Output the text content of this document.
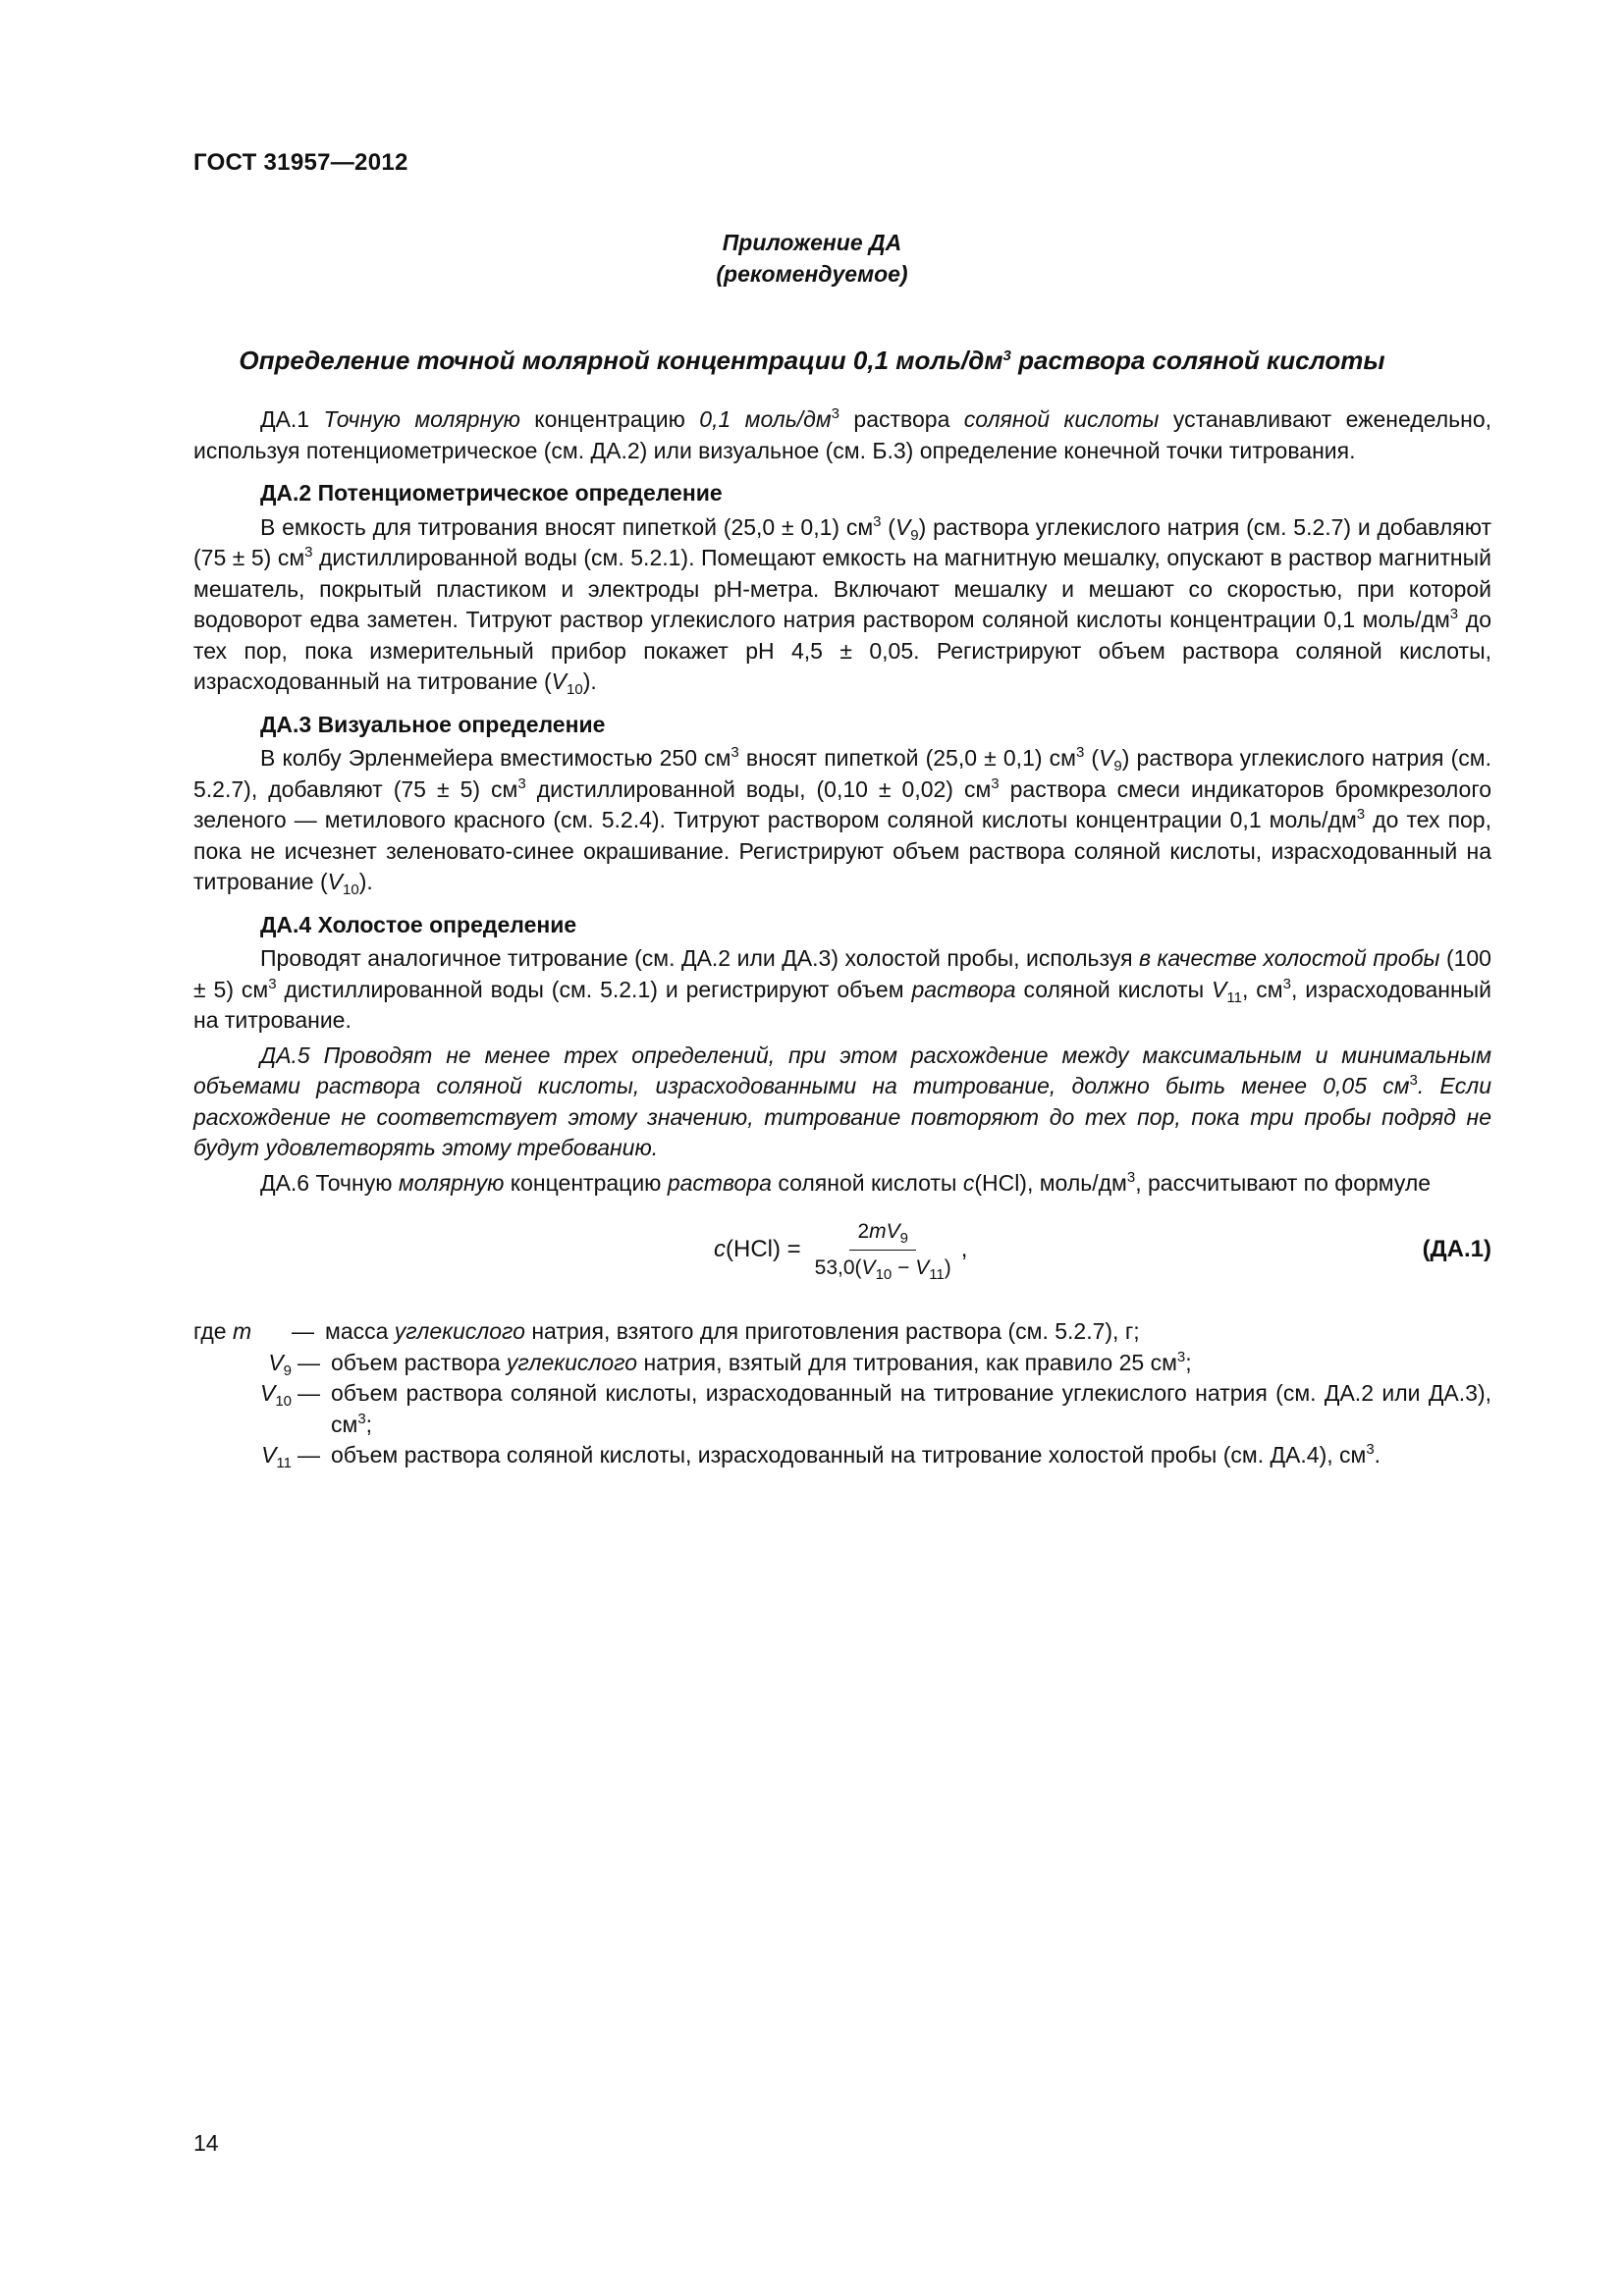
ГОСТ 31957—2012
Приложение ДА
(рекомендуемое)
Определение точной молярной концентрации 0,1 моль/$дм^3$ раствора соляной кислоты

ДА.1 Точную молярную концентрацию 0,1 моль/$дм^3$ раствора соляной кислоты устанавливают еженедельно, используя потенциометрическое (см. ДА.2) или визуальное (см. Б.3) определение конечной точки титрования.

ДА.2 Потенциометрическое определение

В емкость для титрования вносят пипеткой (25,0 ± 0,1) $см^3$ $(V_9)$ раствора углекислого натрия (см. 5.2.7) и добавляют (75 ± 5) $см^3$ дистиллированной воды (см. 5.2.1). Помещают емкость на магнитную мешалку, опускают в раствор магнитный мешатель, покрытый пластиком и электроды рН-метра. Включают мешалку и мешают со скоростью, при которой водоворот едва заметен. Титруют раствор углекислого натрия раствором соляной кислоты концентрации 0,1 моль/$дм^3$ до тех пор, пока измерительный прибор покажет рН 4,5 ± 0,05. Регистрируют объем раствора соляной кислоты, израсходованный на титрование $(V_{10})$.

ДА.3 Визуальное определение

В колбу Эрленмейера вместимостью 250 $см^3$ вносят пипеткой (25,0 ± 0,1) $см^3$ $(V_9)$ раствора углекислого натрия (см. 5.2.7), добавляют (75 ± 5) $см^3$ дистиллированной воды, (0,10 ± 0,02) $см^3$ раствора смеси индикаторов бромкрезолого зеленого — метилового красного (см. 5.2.4). Титруют раствором соляной кислоты концентрации 0,1 моль/$дм^3$ до тех пор, пока не исчезнет зеленовато-синее окрашивание. Регистрируют объем раствора соляной кислоты, израсходованный на титрование $(V_{10})$.

ДА.4 Холостое определение

Проводят аналогичное титрование (см. ДА.2 или ДА.3) холостой пробы, используя в качестве холостой пробы (100 ± 5) $см^3$ дистиллированной воды (см. 5.2.1) и регистрируют объем раствора соляной кислоты $V_{11}$, $см^3$, израсходованный на титрование.

ДА.5 Проводят не менее трех определений, при этом расхождение между максимальным и минимальным объемами раствора соляной кислоты, израсходованными на титрование, должно быть менее 0,05 $см^3$. Если расхождение не соответствует этому значению, титрование повторяют до тех пор, пока три пробы подряд не будут удовлетворять этому требованию.

ДА.6 Точную молярную концентрацию раствора соляной кислоты c(HCl), моль/$дм^3$, рассчитывают по формуле

c $(HCl) = \frac{2mV_9}{53,0(V_{10} - V_{11})}$ ,	(ДА.1)
где m	— масса углекислого натрия, взятого для приготовления раствора (см. 5.2.7), г;
$V_9$ — объем раствора углекислого натрия, взятый для титрования, как правило 25 $см^3$;
$V_{10}$ — объем раствора соляной кислоты, израсходованный на титрование углекислого натрия (см. ДА.2 или ДА.3), $см^3$;
$V_{11}$ — объем раствора соляной кислоты, израсходованный на титрование холостой пробы (см. ДА.4), $см^3$.
14
